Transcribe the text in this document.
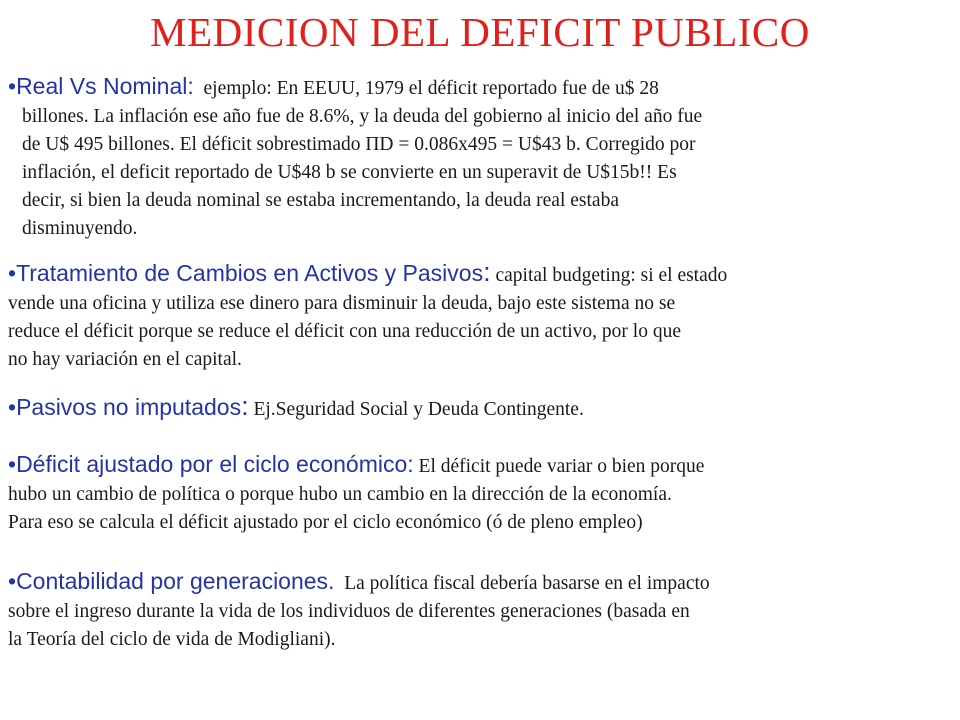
MEDICION DEL DEFICIT PUBLICO
•Real Vs Nominal: ejemplo: En EEUU, 1979 el déficit reportado fue de u$ 28
billones. La inflación ese año fue de 8.6%, y la deuda del gobierno al inicio del año fue
de U$ 495 billones. El déficit sobrestimado ΠD = 0.086x495 = U$43 b. Corregido por
inflación, el deficit reportado de U$48 b se convierte en un superavit de U$15b!! Es
decir, si bien la deuda nominal se estaba incrementando, la deuda real estaba
disminuyendo.
•Tratamiento de Cambios en Activos y Pasivos: capital budgeting: si el estado
vende una oficina y utiliza ese dinero para disminuir la deuda, bajo este sistema no se
reduce el déficit porque se reduce el déficit con una reducción de un activo, por lo que
no hay variación en el capital.
•Pasivos no imputados: Ej.Seguridad Social y Deuda Contingente.
•Déficit ajustado por el ciclo económico: El déficit puede variar o bien porque
hubo un cambio de política o porque hubo un cambio en la dirección de la economía.
Para eso se calcula el déficit ajustado por el ciclo económico (ó de pleno empleo)
•Contabilidad por generaciones. La política fiscal debería basarse en el impacto
sobre el ingreso durante la vida de los individuos de diferentes generaciones (basada en
la Teoría del ciclo de vida de Modigliani).
